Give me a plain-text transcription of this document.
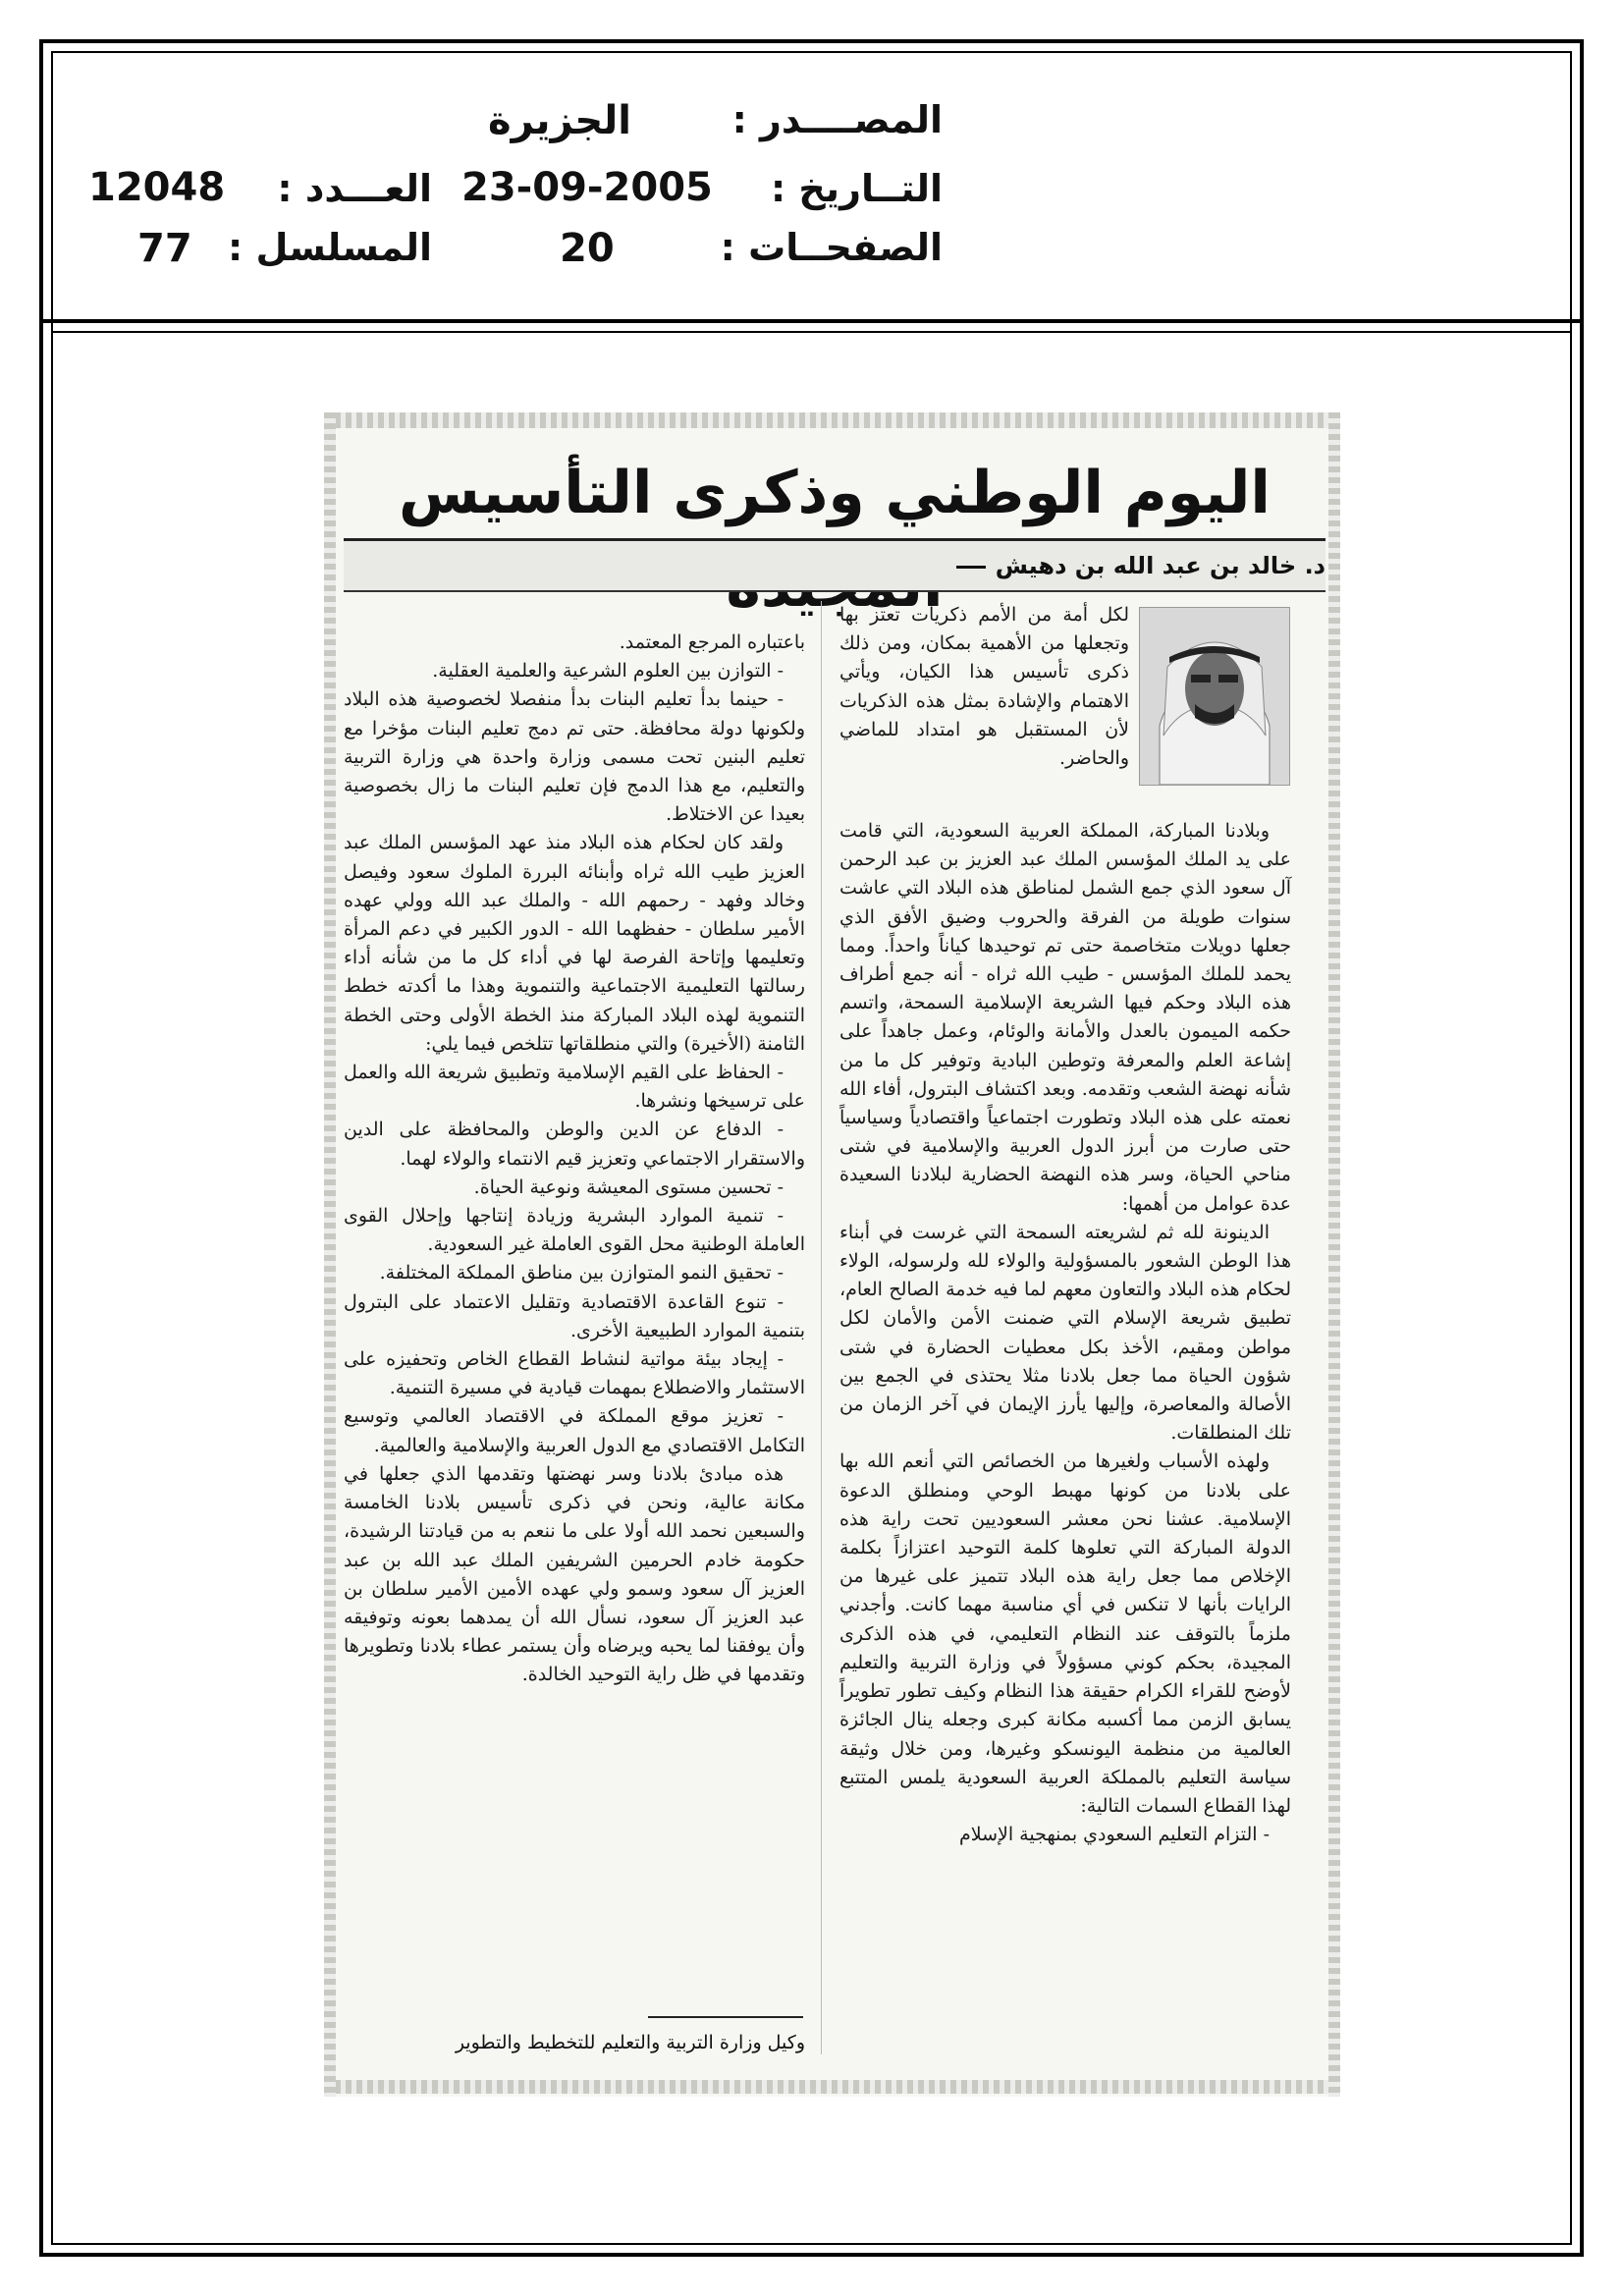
المصــــدر :
الجزيرة
التــاريخ :
23-09-2005
العـــدد :
12048
الصفحــات :
20
المسلسل :
77
اليوم الوطني وذكرى التأسيس
د. خالد بن عبد الله بن دهيش

لكل أمة من الأمم ذكريات تعتز بها وتجعلها من الأهمية بمكان، ومن ذلك ذكرى تأسيس هذا الكيان، ويأتي الاهتمام والإشادة بمثل هذه الذكريات لأن المستقبل هو امتداد للماضي والحاضر.

وبلادنا المباركة، المملكة العربية السعودية، التي قامت على يد الملك المؤسس الملك عبد العزيز بن عبد الرحمن آل سعود الذي جمع الشمل لمناطق هذه البلاد التي عاشت سنوات طويلة من الفرقة والحروب وضيق الأفق الذي جعلها دويلات متخاصمة حتى تم توحيدها كياناً واحداً. ومما يحمد للملك المؤسس - طيب الله ثراه - أنه جمع أطراف هذه البلاد وحكم فيها الشريعة الإسلامية السمحة، واتسم حكمه الميمون بالعدل والأمانة والوئام، وعمل جاهداً على إشاعة العلم والمعرفة وتوطين البادية وتوفير كل ما من شأنه نهضة الشعب وتقدمه. وبعد اكتشاف البترول، أفاء الله نعمته على هذه البلاد وتطورت اجتماعياً واقتصادياً وسياسياً حتى صارت من أبرز الدول العربية والإسلامية في شتى مناحي الحياة، وسر هذه النهضة الحضارية لبلادنا السعيدة عدة عوامل من أهمها:

الدينونة لله ثم لشريعته السمحة التي غرست في أبناء هذا الوطن الشعور بالمسؤولية والولاء لله ولرسوله، الولاء لحكام هذه البلاد والتعاون معهم لما فيه خدمة الصالح العام، تطبيق شريعة الإسلام التي ضمنت الأمن والأمان لكل مواطن ومقيم، الأخذ بكل معطيات الحضارة في شتى شؤون الحياة مما جعل بلادنا مثلا يحتذى في الجمع بين الأصالة والمعاصرة، وإليها يأرز الإيمان في آخر الزمان من تلك المنطلقات.

ولهذه الأسباب ولغيرها من الخصائص التي أنعم الله بها على بلادنا من كونها مهبط الوحي ومنطلق الدعوة الإسلامية. عشنا نحن معشر السعوديين تحت راية هذه الدولة المباركة التي تعلوها كلمة التوحيد اعتزازاً بكلمة الإخلاص مما جعل راية هذه البلاد تتميز على غيرها من الرايات بأنها لا تنكس في أي مناسبة مهما كانت. وأجدني ملزماً بالتوقف عند النظام التعليمي، في هذه الذكرى المجيدة، بحكم كوني مسؤولاً في وزارة التربية والتعليم لأوضح للقراء الكرام حقيقة هذا النظام وكيف تطور تطويراً يسابق الزمن مما أكسبه مكانة كبرى وجعله ينال الجائزة العالمية من منظمة اليونسكو وغيرها، ومن خلال وثيقة سياسة التعليم بالمملكة العربية السعودية يلمس المتتبع لهذا القطاع السمات التالية:

- التزام التعليم السعودي بمنهجية الإسلام

باعتباره المرجع المعتمد.

- التوازن بين العلوم الشرعية والعلمية العقلية.

- حينما بدأ تعليم البنات بدأ منفصلا لخصوصية هذه البلاد ولكونها دولة محافظة. حتى تم دمج تعليم البنات مؤخرا مع تعليم البنين تحت مسمى وزارة واحدة هي وزارة التربية والتعليم، مع هذا الدمج فإن تعليم البنات ما زال بخصوصية بعيدا عن الاختلاط.

ولقد كان لحكام هذه البلاد منذ عهد المؤسس الملك عبد العزيز طيب الله ثراه وأبنائه البررة الملوك سعود وفيصل وخالد وفهد - رحمهم الله - والملك عبد الله وولي عهده الأمير سلطان - حفظهما الله - الدور الكبير في دعم المرأة وتعليمها وإتاحة الفرصة لها في أداء كل ما من شأنه أداء رسالتها التعليمية الاجتماعية والتنموية وهذا ما أكدته خطط التنموية لهذه البلاد المباركة منذ الخطة الأولى وحتى الخطة الثامنة (الأخيرة) والتي منطلقاتها تتلخص فيما يلي:

- الحفاظ على القيم الإسلامية وتطبيق شريعة الله والعمل على ترسيخها ونشرها.

- الدفاع عن الدين والوطن والمحافظة على الدين والاستقرار الاجتماعي وتعزيز قيم الانتماء والولاء لهما.

- تحسين مستوى المعيشة ونوعية الحياة.

- تنمية الموارد البشرية وزيادة إنتاجها وإحلال القوى العاملة الوطنية محل القوى العاملة غير السعودية.

- تحقيق النمو المتوازن بين مناطق المملكة المختلفة.

- تنوع القاعدة الاقتصادية وتقليل الاعتماد على البترول بتنمية الموارد الطبيعية الأخرى.

- إيجاد بيئة مواتية لنشاط القطاع الخاص وتحفيزه على الاستثمار والاضطلاع بمهمات قيادية في مسيرة التنمية.

- تعزيز موقع المملكة في الاقتصاد العالمي وتوسيع التكامل الاقتصادي مع الدول العربية والإسلامية والعالمية.

هذه مبادئ بلادنا وسر نهضتها وتقدمها الذي جعلها في مكانة عالية، ونحن في ذكرى تأسيس بلادنا الخامسة والسبعين نحمد الله أولا على ما ننعم به من قيادتنا الرشيدة، حكومة خادم الحرمين الشريفين الملك عبد الله بن عبد العزيز آل سعود وسمو ولي عهده الأمين الأمير سلطان بن عبد العزيز آل سعود، نسأل الله أن يمدهما بعونه وتوفيقه وأن يوفقنا لما يحبه ويرضاه وأن يستمر عطاء بلادنا وتطويرها وتقدمها في ظل راية التوحيد الخالدة.

وكيل وزارة التربية والتعليم للتخطيط والتطوير
